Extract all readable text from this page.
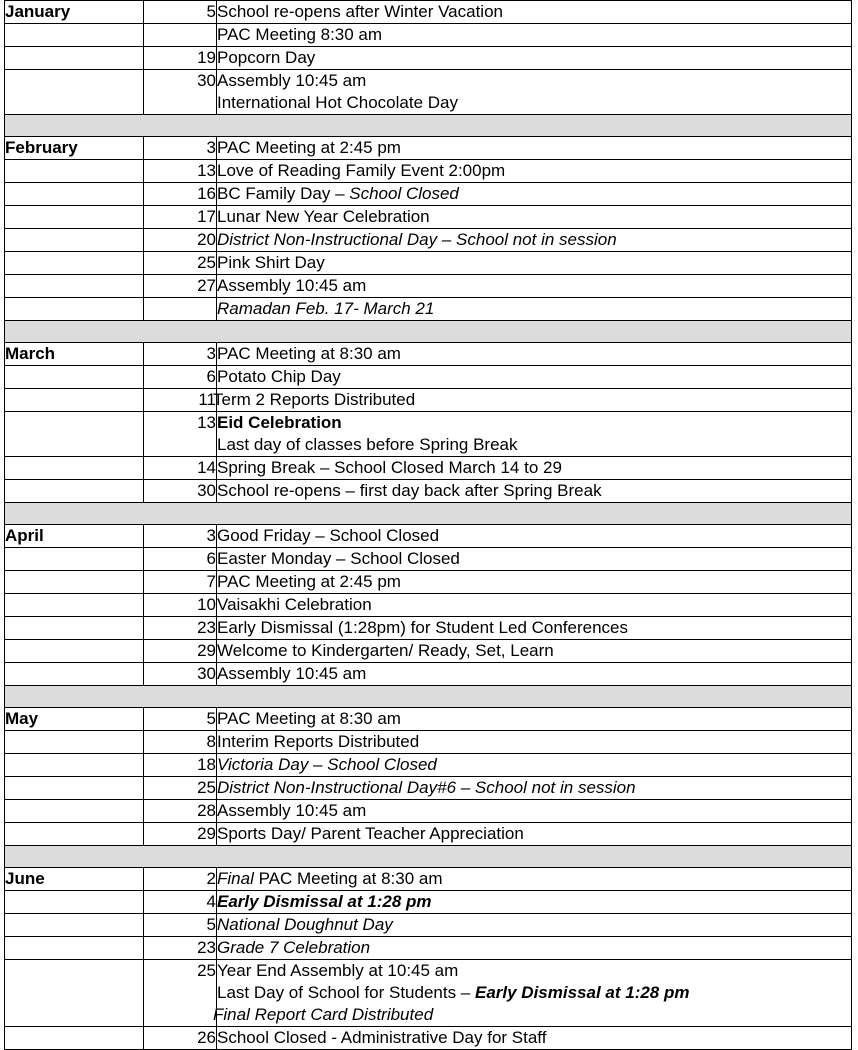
January	5	School re-opens after Winter Vacation

		PAC Meeting 8:30 am

	19	Popcorn Day

	30	Assembly 10:45 am
International Hot Chocolate Day

February	3	PAC Meeting at 2:45 pm

	13	Love of Reading Family Event 2:00pm

	16	BC Family Day – School Closed

	17	Lunar New Year Celebration

	20	District Non-Instructional Day – School not in session

	25	Pink Shirt Day

	27	Assembly 10:45 am

		Ramadan Feb. 17- March 21

March	3	PAC Meeting at 8:30 am

	6	Potato Chip Day

	11	Term 2 Reports Distributed

	13	Eid Celebration
Last day of classes before Spring Break

	14	Spring Break – School Closed March 14 to 29

	30	School re-opens – first day back after Spring Break

April	3	Good Friday – School Closed

	6	Easter Monday – School Closed

	7	PAC Meeting at 2:45 pm

	10	Vaisakhi Celebration

	23	Early Dismissal (1:28pm) for Student Led Conferences

	29	Welcome to Kindergarten/ Ready, Set, Learn

	30	Assembly 10:45 am

May	5	PAC Meeting at 8:30 am

	8	Interim Reports Distributed

	18	Victoria Day – School Closed

	25	District Non-Instructional Day#6 – School not in session

	28	Assembly 10:45 am

	29	Sports Day/ Parent Teacher Appreciation

June	2	Final PAC Meeting at 8:30 am

	4	Early Dismissal at 1:28 pm

	5	National Doughnut Day

	23	Grade 7 Celebration

	25	Year End Assembly at 10:45 am
Last Day of School for Students – Early Dismissal at 1:28 pm
Final Report Card Distributed

	26	School Closed - Administrative Day for Staff
